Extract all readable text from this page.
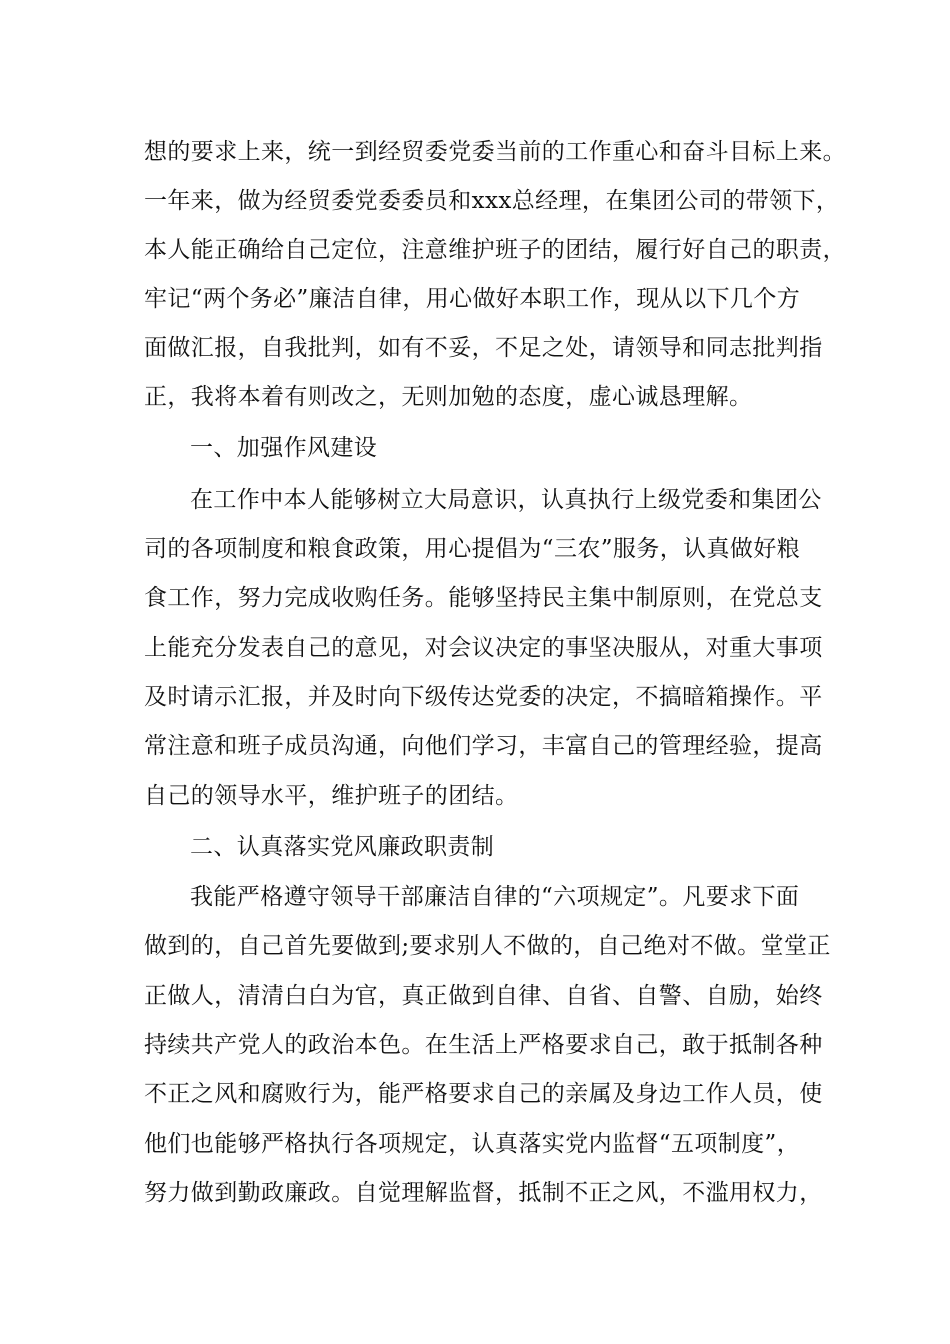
想的要求上来，统一到经贸委党委当前的工作重心和奋斗目标上来。
一年来，做为经贸委党委委员和xxx总经理，在集团公司的带领下，
本人能正确给自己定位，注意维护班子的团结，履行好自己的职责，
牢记“两个务必”廉洁自律，用心做好本职工作，现从以下几个方
面做汇报，自我批判，如有不妥，不足之处，请领导和同志批判指
正，我将本着有则改之，无则加勉的态度，虚心诚恳理解。
一、加强作风建设
在工作中本人能够树立大局意识，认真执行上级党委和集团公
司的各项制度和粮食政策，用心提倡为“三农”服务，认真做好粮
食工作，努力完成收购任务。能够坚持民主集中制原则，在党总支
上能充分发表自己的意见，对会议决定的事坚决服从，对重大事项
及时请示汇报，并及时向下级传达党委的决定，不搞暗箱操作。平
常注意和班子成员沟通，向他们学习，丰富自己的管理经验，提高
自己的领导水平，维护班子的团结。
二、认真落实党风廉政职责制
我能严格遵守领导干部廉洁自律的“六项规定”。凡要求下面
做到的，自己首先要做到;要求别人不做的，自己绝对不做。堂堂正
正做人，清清白白为官，真正做到自律、自省、自警、自励，始终
持续共产党人的政治本色。在生活上严格要求自己，敢于抵制各种
不正之风和腐败行为，能严格要求自己的亲属及身边工作人员，使
他们也能够严格执行各项规定，认真落实党内监督“五项制度”，
努力做到勤政廉政。自觉理解监督，抵制不正之风，不滥用权力，
